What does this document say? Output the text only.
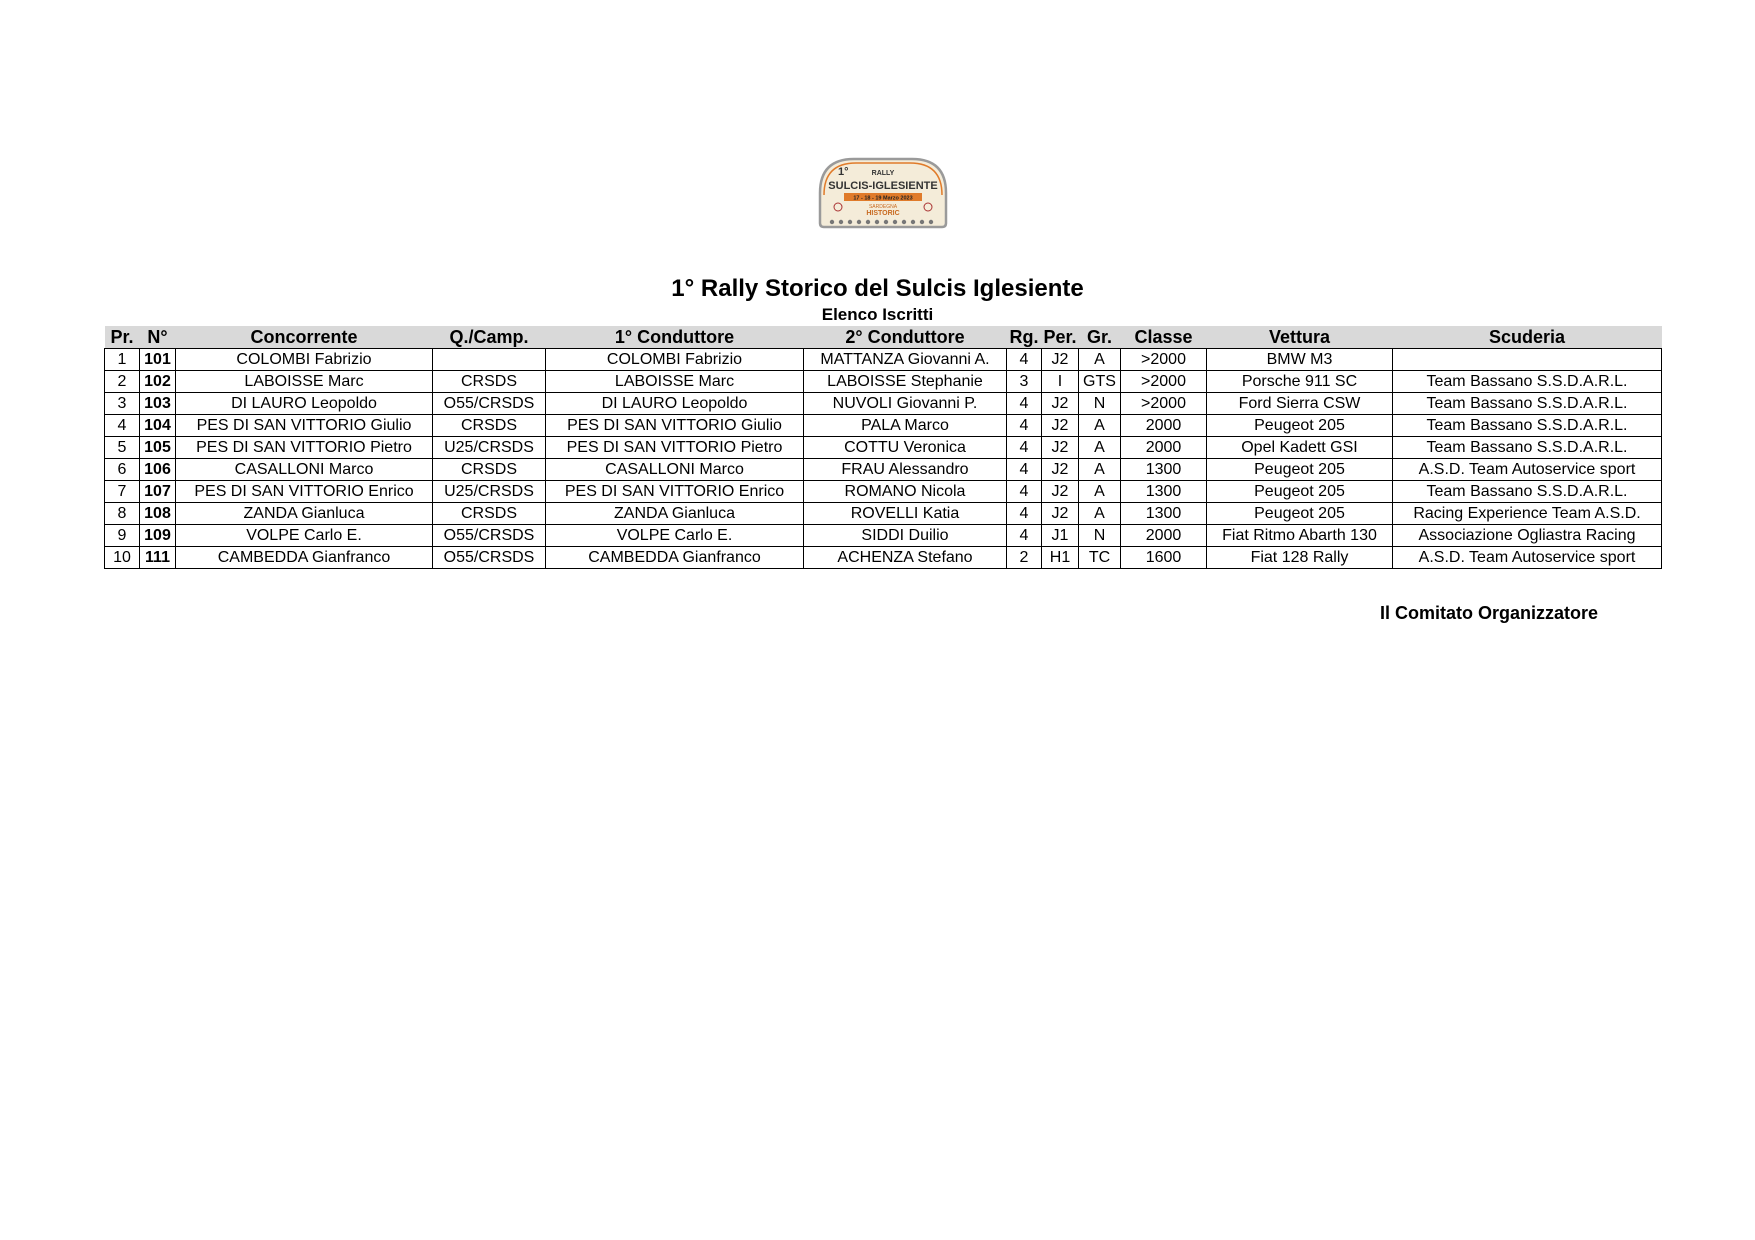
1°	RALLY
SULCIS-IGLESIENTE
17 - 18 - 19 Marzo 2023
SARDEGNA
HISTORIC
1° Rally Storico del Sulcis Iglesiente
Elenco Iscritti
Pr.	N°	Concorrente	Q./Camp.	1° Conduttore	2° Conduttore	Rg.	Per.	Gr.	Classe	Vettura	Scuderia
1	101	COLOMBI Fabrizio		COLOMBI Fabrizio	MATTANZA Giovanni A.	4	J2	A	>2000	BMW M3	
2	102	LABOISSE Marc	CRSDS	LABOISSE Marc	LABOISSE Stephanie	3	I	GTS	>2000	Porsche 911 SC	Team Bassano S.S.D.A.R.L.
3	103	DI LAURO Leopoldo	O55/CRSDS	DI LAURO Leopoldo	NUVOLI Giovanni P.	4	J2	N	>2000	Ford Sierra CSW	Team Bassano S.S.D.A.R.L.
4	104	PES DI SAN VITTORIO Giulio	CRSDS	PES DI SAN VITTORIO Giulio	PALA Marco	4	J2	A	2000	Peugeot 205	Team Bassano S.S.D.A.R.L.
5	105	PES DI SAN VITTORIO Pietro	U25/CRSDS	PES DI SAN VITTORIO Pietro	COTTU Veronica	4	J2	A	2000	Opel Kadett GSI	Team Bassano S.S.D.A.R.L.
6	106	CASALLONI Marco	CRSDS	CASALLONI Marco	FRAU Alessandro	4	J2	A	1300	Peugeot 205	A.S.D. Team Autoservice sport
7	107	PES DI SAN VITTORIO Enrico	U25/CRSDS	PES DI SAN VITTORIO Enrico	ROMANO Nicola	4	J2	A	1300	Peugeot 205	Team Bassano S.S.D.A.R.L.
8	108	ZANDA Gianluca	CRSDS	ZANDA Gianluca	ROVELLI Katia	4	J2	A	1300	Peugeot 205	Racing Experience Team A.S.D.
9	109	VOLPE Carlo E.	O55/CRSDS	VOLPE Carlo E.	SIDDI Duilio	4	J1	N	2000	Fiat Ritmo Abarth 130	Associazione Ogliastra Racing
10	111	CAMBEDDA Gianfranco	O55/CRSDS	CAMBEDDA Gianfranco	ACHENZA Stefano	2	H1	TC	1600	Fiat 128 Rally	A.S.D. Team Autoservice sport
Il Comitato Organizzatore
